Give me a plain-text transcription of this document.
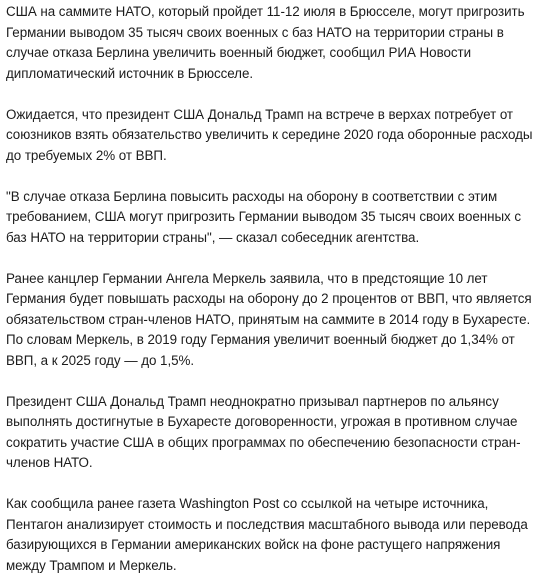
США на саммите НАТО, который пройдет 11-12 июля в Брюсселе, могут пригрозить Германии выводом 35 тысяч своих военных с баз НАТО на территории страны в случае отказа Берлина увеличить военный бюджет, сообщил РИА Новости дипломатический источник в Брюсселе.

Ожидается, что президент США Дональд Трамп на встрече в верхах потребует от союзников взять обязательство увеличить к середине 2020 года оборонные расходы до требуемых 2% от ВВП.

"В случае отказа Берлина повысить расходы на оборону в соответствии с этим требованием, США могут пригрозить Германии выводом 35 тысяч своих военных с баз НАТО на территории страны", — сказал собеседник агентства.

Ранее канцлер Германии Ангела Меркель заявила, что в предстоящие 10 лет Германия будет повышать расходы на оборону до 2 процентов от ВВП, что является обязательством стран-членов НАТО, принятым на саммите в 2014 году в Бухаресте. По словам Меркель, в 2019 году Германия увеличит военный бюджет до 1,34% от ВВП, а к 2025 году — до 1,5%.

Президент США Дональд Трамп неоднократно призывал партнеров по альянсу выполнять достигнутые в Бухаресте договоренности, угрожая в противном случае сократить участие США в общих программах по обеспечению безопасности стран-членов НАТО.

Как сообщила ранее газета Washington Post со ссылкой на четыре источника, Пентагон анализирует стоимость и последствия масштабного вывода или перевода базирующихся в Германии американских войск на фоне растущего напряжения между Трампом и Меркель.
